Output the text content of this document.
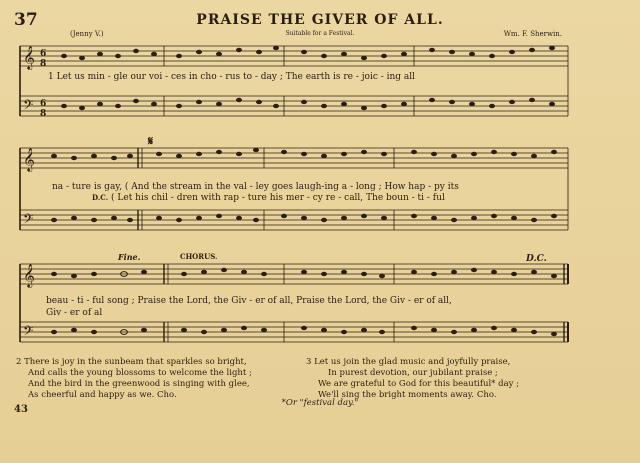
37	PRAISE THE GIVER OF ALL.
(Jenny V.)	Suitable for a Festival.	Wm. F. Sherwin.
𝄞
𝄢
6
8
6
8
1 Let us min - gle our voi - ces in cho - rus to - day ; The earth is re - joic - ing all
𝄋
𝄞
𝄢
na - ture is gay, ( And the stream in the val - ley goes laugh-ing a - long ; How hap - py its
D.C. ( Let his chil - dren with rap - ture his mer - cy re - call, The boun - ti - ful
Fine.	CHORUS.	D.C.
𝄞
𝄢
beau - ti - ful song ; Praise the Lord, the Giv - er of all, Praise the Lord, the Giv - er of all,
Giv - er of al
2 There is joy in the sunbeam that sparkles so bright,
And calls the young blossoms to welcome the light ;
And the bird in the greenwood is singing with glee,
As cheerful and happy as we. Cho.
3 Let us join the glad music and joyfully praise,
In purest devotion, our jubilant praise ;
We are grateful to God for this beautiful* day ;
We'll sing the bright moments away. Cho.
*Or "festival day."
43
